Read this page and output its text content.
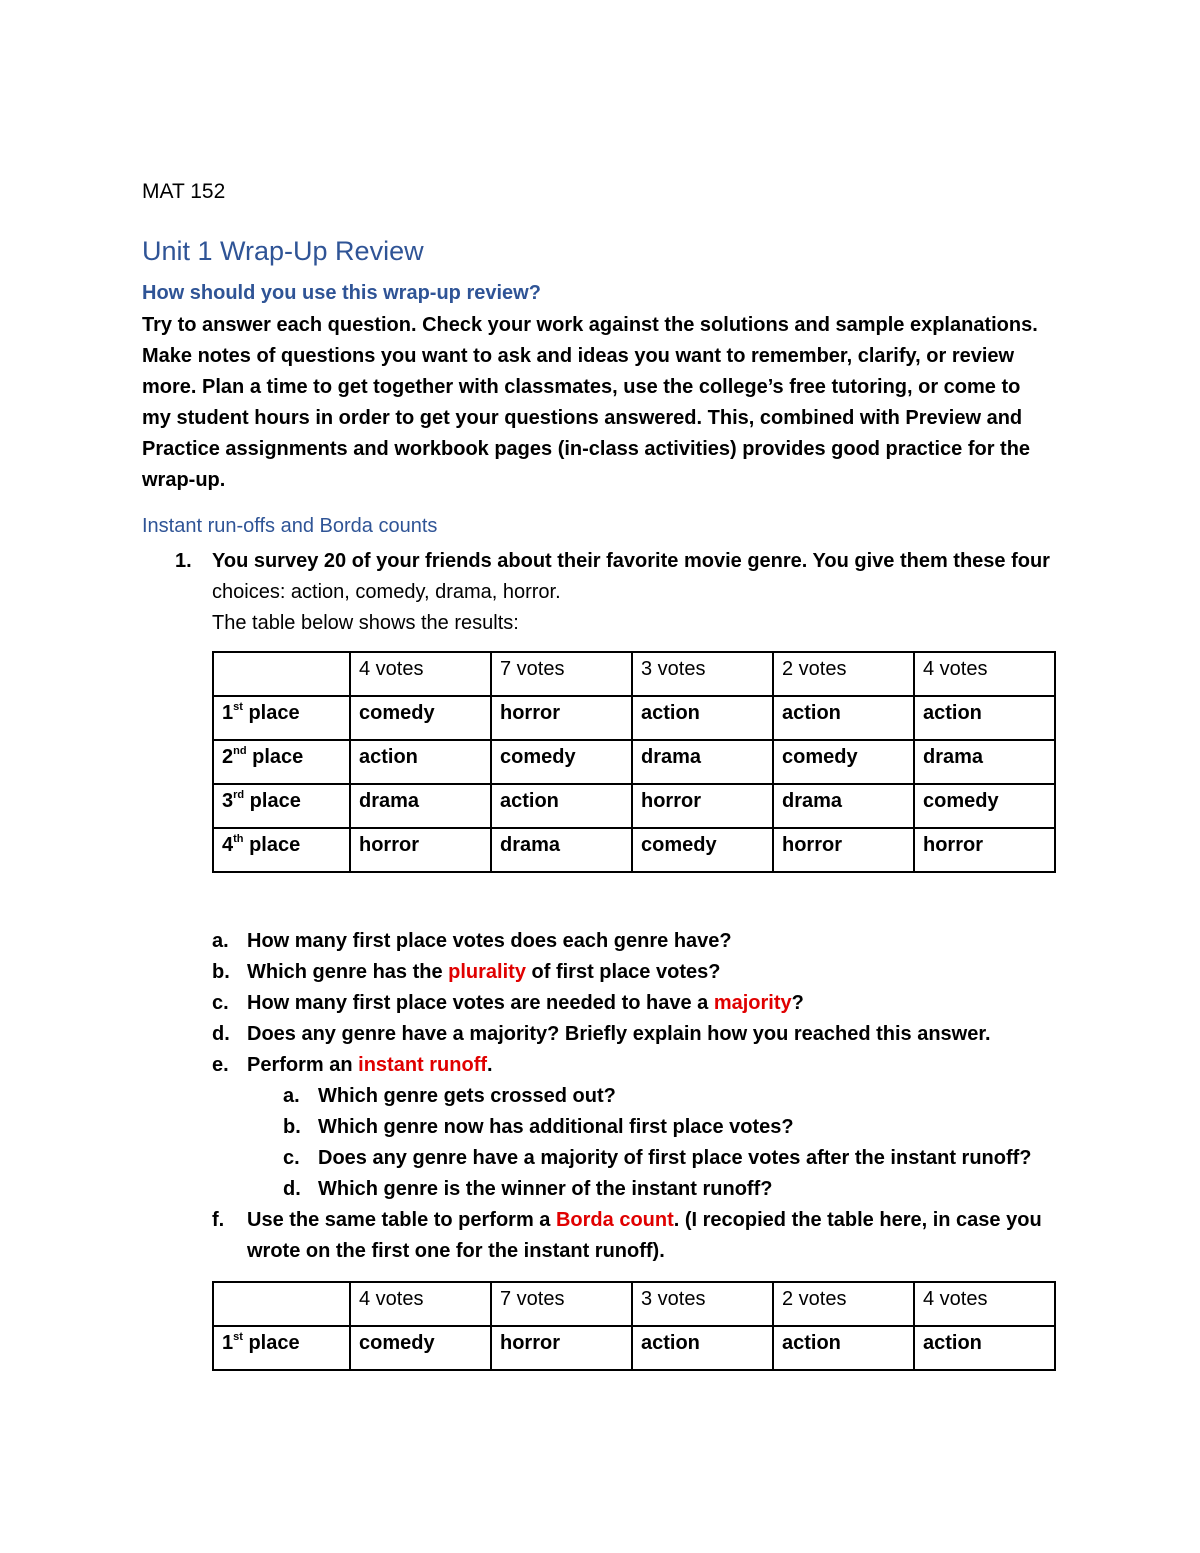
MAT 152
Unit 1 Wrap-Up Review
How should you use this wrap-up review?
Try to answer each question. Check your work against the solutions and sample explanations.
Make notes of questions you want to ask and ideas you want to remember, clarify, or review
more. Plan a time to get together with classmates, use the college’s free tutoring, or come to
my student hours in order to get your questions answered. This, combined with Preview and
Practice assignments and workbook pages (in-class activities) provides good practice for the
wrap-up.
Instant run-offs and Borda counts
1. You survey 20 of your friends about their favorite movie genre. You give them these four
choices: action, comedy, drama, horror.
The table below shows the results:
	4 votes	7 votes	3 votes	2 votes	4 votes
1st place	comedy	horror	action	action	action
2nd place	action	comedy	drama	comedy	drama
3rd place	drama	action	horror	drama	comedy
4th place	horror	drama	comedy	horror	horror
a. How many first place votes does each genre have?
b. Which genre has the plurality of first place votes?
c. How many first place votes are needed to have a majority?
d. Does any genre have a majority? Briefly explain how you reached this answer.
e. Perform an instant runoff.
a. Which genre gets crossed out?
b. Which genre now has additional first place votes?
c. Does any genre have a majority of first place votes after the instant runoff?
d. Which genre is the winner of the instant runoff?
f. Use the same table to perform a Borda count. (I recopied the table here, in case you
wrote on the first one for the instant runoff).
	4 votes	7 votes	3 votes	2 votes	4 votes
1st place	comedy	horror	action	action	action
